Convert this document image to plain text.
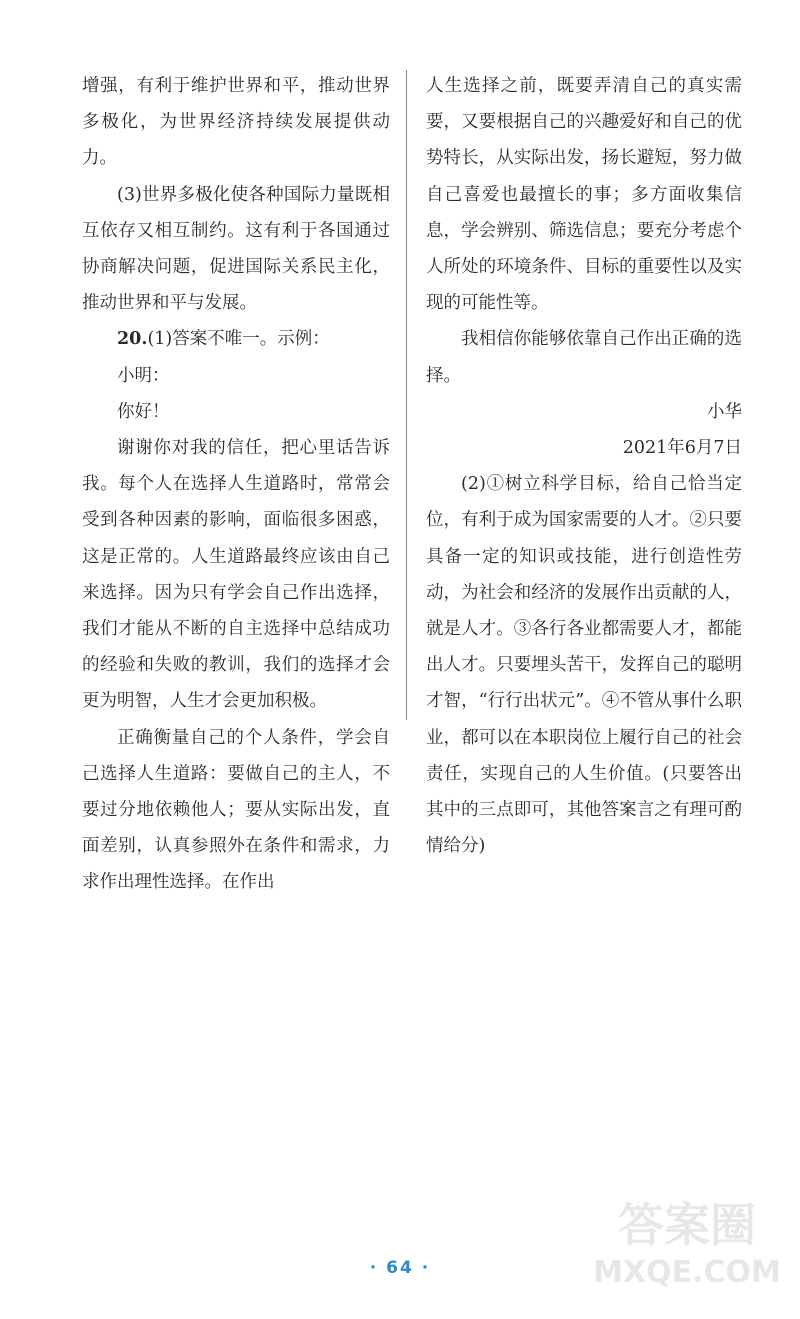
增强，有利于维护世界和平，推动世界多极化，为世界经济持续发展提供动力。

(3)世界多极化使各种国际力量既相互依存又相互制约。这有利于各国通过协商解决问题，促进国际关系民主化，推动世界和平与发展。

20.(1)答案不唯一。示例：

小明：

你好！

谢谢你对我的信任，把心里话告诉我。每个人在选择人生道路时，常常会受到各种因素的影响，面临很多困惑，这是正常的。人生道路最终应该由自己来选择。因为只有学会自己作出选择，我们才能从不断的自主选择中总结成功的经验和失败的教训，我们的选择才会更为明智，人生才会更加积极。

正确衡量自己的个人条件，学会自己选择人生道路：要做自己的主人，不要过分地依赖他人；要从实际出发，直面差别，认真参照外在条件和需求，力求作出理性选择。在作出

人生选择之前，既要弄清自己的真实需要，又要根据自己的兴趣爱好和自己的优势特长，从实际出发，扬长避短，努力做自己喜爱也最擅长的事；多方面收集信息，学会辨别、筛选信息；要充分考虑个人所处的环境条件、目标的重要性以及实现的可能性等。

我相信你能够依靠自己作出正确的选择。

小华

2021年6月7日

(2)①树立科学目标，给自己恰当定位，有利于成为国家需要的人才。②只要具备一定的知识或技能，进行创造性劳动，为社会和经济的发展作出贡献的人，就是人才。③各行各业都需要人才，都能出人才。只要埋头苦干，发挥自己的聪明才智，“行行出状元”。④不管从事什么职业，都可以在本职岗位上履行自己的社会责任，实现自己的人生价值。(只要答出其中的三点即可，其他答案言之有理可酌情给分)

· 64 ·
答案圈
MXQE.COM
